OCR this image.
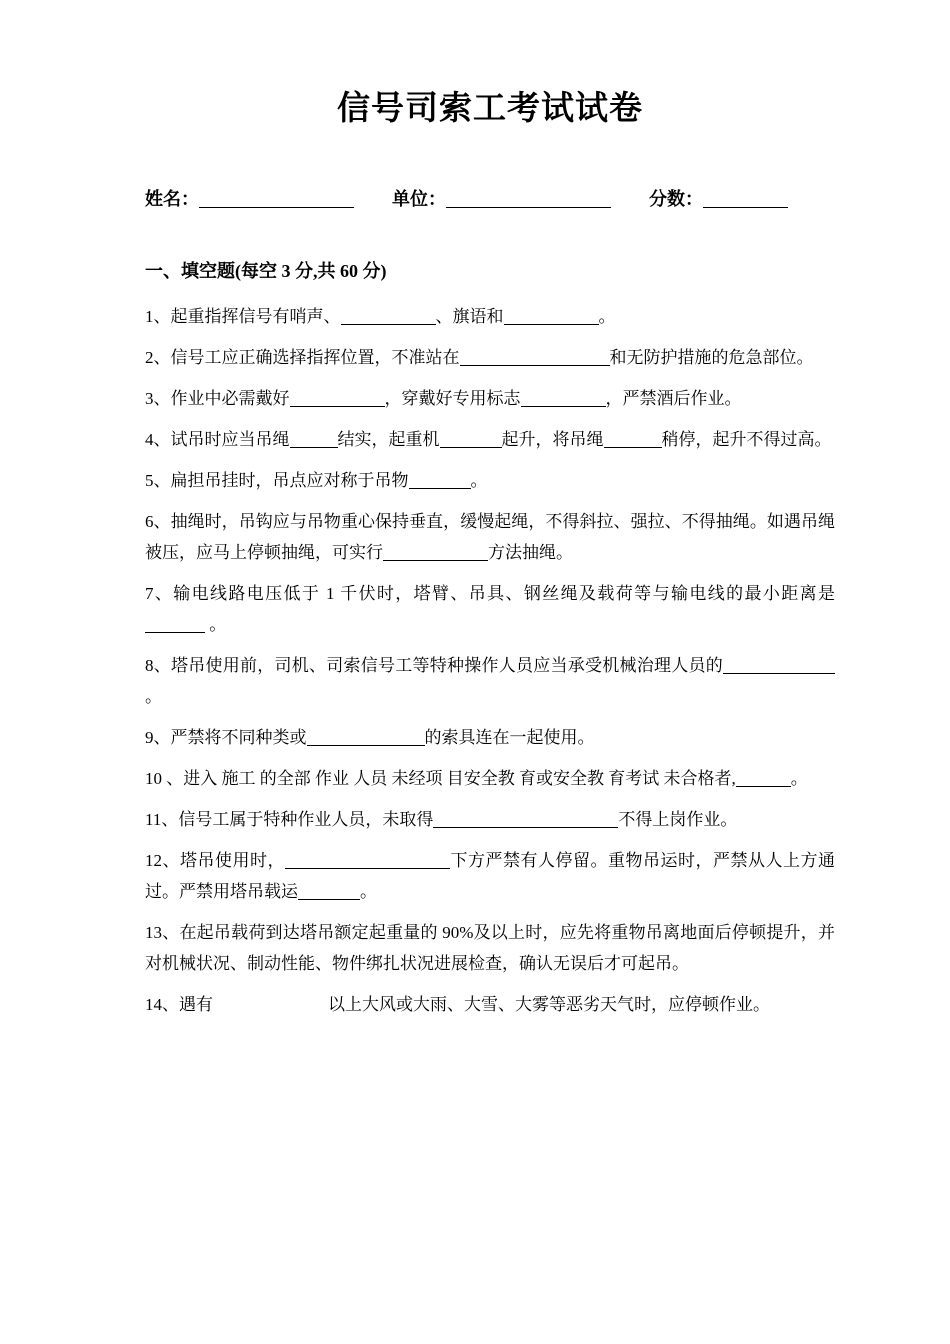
信号司索工考试试卷
姓名：	单位：	分数：
一、填空题(每空 3 分,共 60 分)

1、起重指挥信号有哨声、	、旗语和	。

2、信号工应正确选择指挥位置，不准站在	和无防护措施的危急部位。

3、作业中必需戴好	，穿戴好专用标志	，严禁酒后作业。

4、试吊时应当吊绳	结实，起重机	起升，将吊绳	稍停，起升不得过高。

5、扁担吊挂时，吊点应对称于吊物	。

6、抽绳时，吊钩应与吊物重心保持垂直，缓慢起绳，不得斜拉、强拉、不得抽绳。如遇吊绳被压，应马上停顿抽绳，可实行	方法抽绳。

7、输电线路电压低于 1 千伏时，塔臂、吊具、钢丝绳及载荷等与输电线的最小距离是 。

8、塔吊使用前，司机、司索信号工等特种操作人员应当承受机械治理人员的。

9、严禁将不同种类或	的索具连在一起使用。

10 、进入 施工 的全部 作业 人员 未经项 目安全教 育或安全教 育考试 未合格者,	。

11、信号工属于特种作业人员，未取得	不得上岗作业。

12、塔吊使用时，	下方严禁有人停留。重物吊运时，严禁从人上方通过。严禁用塔吊载运	。

13、在起吊载荷到达塔吊额定起重量的 90%及以上时，应先将重物吊离地面后停顿提升，并对机械状况、制动性能、物件绑扎状况进展检查，确认无误后才可起吊。

14、遇有	以上大风或大雨、大雪、大雾等恶劣天气时，应停顿作业。
